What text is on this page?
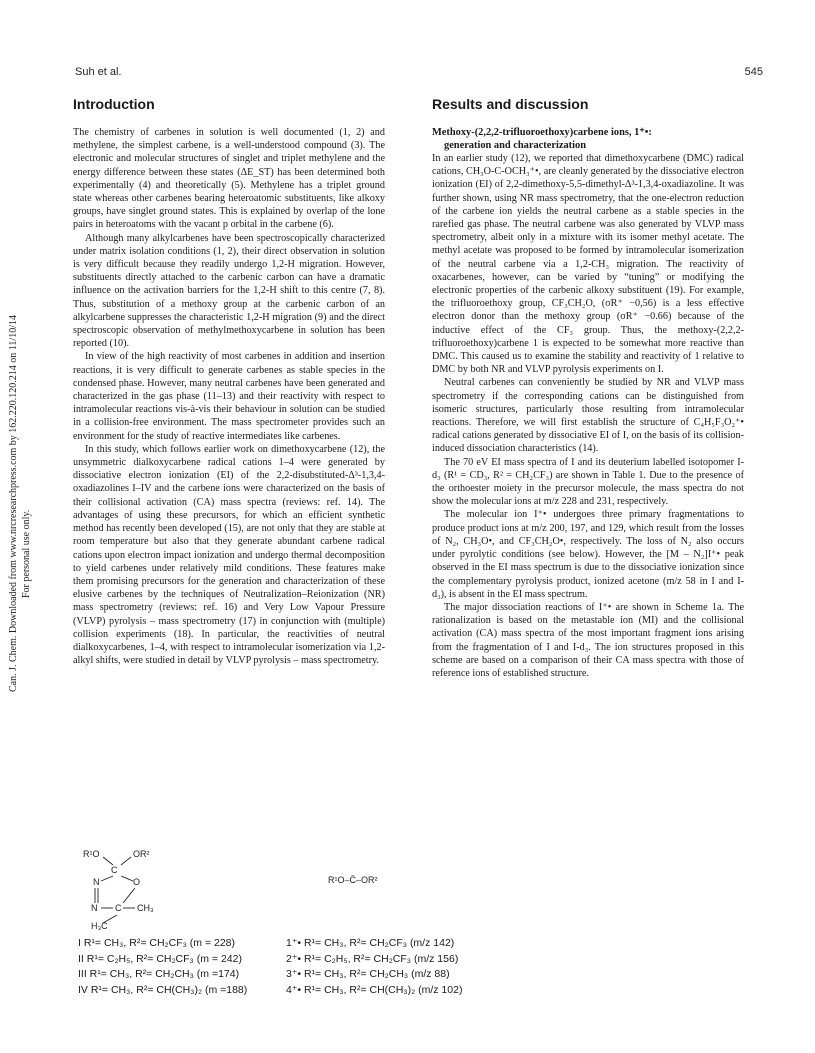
Suh et al.	545
Can. J. Chem. Downloaded from www.nrcresearchpress.com by 162.220.120.214 on 11/10/14 For personal use only.
Introduction

The chemistry of carbenes in solution is well documented (1, 2) and methylene, the simplest carbene, is a well-understood compound (3). The electronic and molecular structures of singlet and triplet methylene and the energy difference between these states (ΔE_ST) has been determined both experimentally (4) and theoretically (5). Methylene has a triplet ground state whereas other carbenes bearing heteroatomic substituents, like alkoxy groups, have singlet ground states. This is explained by overlap of the lone pairs in heteroatoms with the vacant p orbital in the carbene (6).

Although many alkylcarbenes have been spectroscopically characterized under matrix isolation conditions (1, 2), their direct observation in solution is very difficult because they readily undergo 1,2-H migration. However, substituents directly attached to the carbenic carbon can have a dramatic influence on the activation barriers for the 1,2-H shift to this centre (7, 8). Thus, substitution of a methoxy group at the carbenic carbon of an alkylcarbene suppresses the characteristic 1,2-H migration (9) and the direct spectroscopic observation of methylmethoxycarbene in solution has been reported (10).

In view of the high reactivity of most carbenes in addition and insertion reactions, it is very difficult to generate carbenes as stable species in the condensed phase. However, many neutral carbenes have been generated and characterized in the gas phase (11–13) and their reactivity with respect to intramolecular reactions vis-à-vis their behaviour in solution can be studied in a collision-free environment. The mass spectrometer provides such an environment for the study of reactive intermediates like carbenes.

In this study, which follows earlier work on dimethoxycarbene (12), the unsymmetric dialkoxycarbene radical cations 1–4 were generated by dissociative electron ionization (EI) of the 2,2-disubstituted-Δ³-1,3,4-oxadiazolines I–IV and the carbene ions were characterized on the basis of their collisional activation (CA) mass spectra (reviews: ref. 14). The advantages of using these precursors, for which an efficient synthetic method has recently been developed (15), are not only that they are stable at room temperature but also that they generate abundant carbene radical cations upon electron impact ionization and undergo thermal decomposition to yield carbenes under relatively mild conditions. These features make them promising precursors for the generation and characterization of these elusive carbenes by the techniques of Neutralization–Reionization (NR) mass spectrometry (reviews: ref. 16) and Very Low Vapour Pressure (VLVP) pyrolysis – mass spectrometry (17) in conjunction with (multiple) collision experiments (18). In particular, the reactivities of neutral dialkoxycarbenes, 1–4, with respect to intramolecular isomerization via 1,2-alkyl shifts, were studied in detail by VLVP pyrolysis – mass spectrometry.

Results and discussion
Methoxy-(2,2,2-trifluoroethoxy)carbene ions, 1⁺•:
generation and characterization

In an earlier study (12), we reported that dimethoxycarbene (DMC) radical cations, CH₃O-C-OCH₃⁺•, are cleanly generated by the dissociative electron ionization (EI) of 2,2-dimethoxy-5,5-dimethyl-Δ³-1,3,4-oxadiazoline. It was further shown, using NR mass spectrometry, that the one-electron reduction of the carbene ion yields the neutral carbene as a stable species in the rarefied gas phase. The neutral carbene was also generated by VLVP mass spectrometry, albeit only in a mixture with its isomer methyl acetate. The methyl acetate was proposed to be formed by intramolecular isomerization of the neutral carbene via a 1,2-CH₃ migration. The reactivity of oxacarbenes, however, can be varied by “tuning” or modifying the electronic properties of the carbenic alkoxy substituent (19). For example, the trifluoroethoxy group, CF₃CH₂O, (σR⁺ −0,56) is a less effective electron donor than the methoxy group (σR⁺ −0.66) because of the inductive effect of the CF₃ group. Thus, the methoxy-(2,2,2-trifluoroethoxy)carbene 1 is expected to be somewhat more reactive than DMC. This caused us to examine the stability and reactivity of 1 relative to DMC by both NR and VLVP pyrolysis experiments on I.

Neutral carbenes can conveniently be studied by NR and VLVP mass spectrometry if the corresponding cations can be distinguished from isomeric structures, particularly those resulting from intramolecular reactions. Therefore, we will first establish the structure of C₄H₅F₃O₂⁺• radical cations generated by dissociative EI of I, on the basis of its collision-induced dissociation characteristics (14).

The 70 eV EI mass spectra of I and its deuterium labelled isotopomer I-d₃ (R¹ = CD₃, R² = CH₂CF₃) are shown in Table 1. Due to the presence of the orthoester moiety in the precursor molecule, the mass spectra do not show the molecular ions at m/z 228 and 231, respectively.

The molecular ion I⁺• undergoes three primary fragmentations to produce product ions at m/z 200, 197, and 129, which result from the losses of N₂, CH₃O•, and CF₃CH₂O•, respectively. The loss of N₂ also occurs under pyrolytic conditions (see below). However, the [M – N₂]I⁺• peak observed in the EI mass spectrum is due to the dissociative ionization since the complementary pyrolysis product, ionized acetone (m/z 58 in I and I-d₃), is absent in the EI mass spectrum.

The major dissociation reactions of I⁺• are shown in Scheme 1a. The rationalization is based on the metastable ion (MI) and the collisional activation (CA) mass spectra of the most important fragment ions arising from the fragmentation of I and I-d₃. The ion structures proposed in this scheme are based on a comparison of their CA mass spectra with those of reference ions of established structure.

R¹O	OR²
C
N	O
N C CH₃
H₃C
R¹O–C̈–OR²
I R¹= CH₃, R²= CH₂CF₃ (m = 228)
II R¹= C₂H₅, R²= CH₂CF₃ (m = 242)
III R¹= CH₃, R²= CH₂CH₃ (m =174)
IV R¹= CH₃, R²= CH(CH₃)₂ (m =188)
1⁺• R¹= CH₃, R²= CH₂CF₃ (m/z 142)
2⁺• R¹= C₂H₅, R²= CH₂CF₃ (m/z 156)
3⁺• R¹= CH₃, R²= CH₂CH₃ (m/z 88)
4⁺• R¹= CH₃, R²= CH(CH₃)₂ (m/z 102)
